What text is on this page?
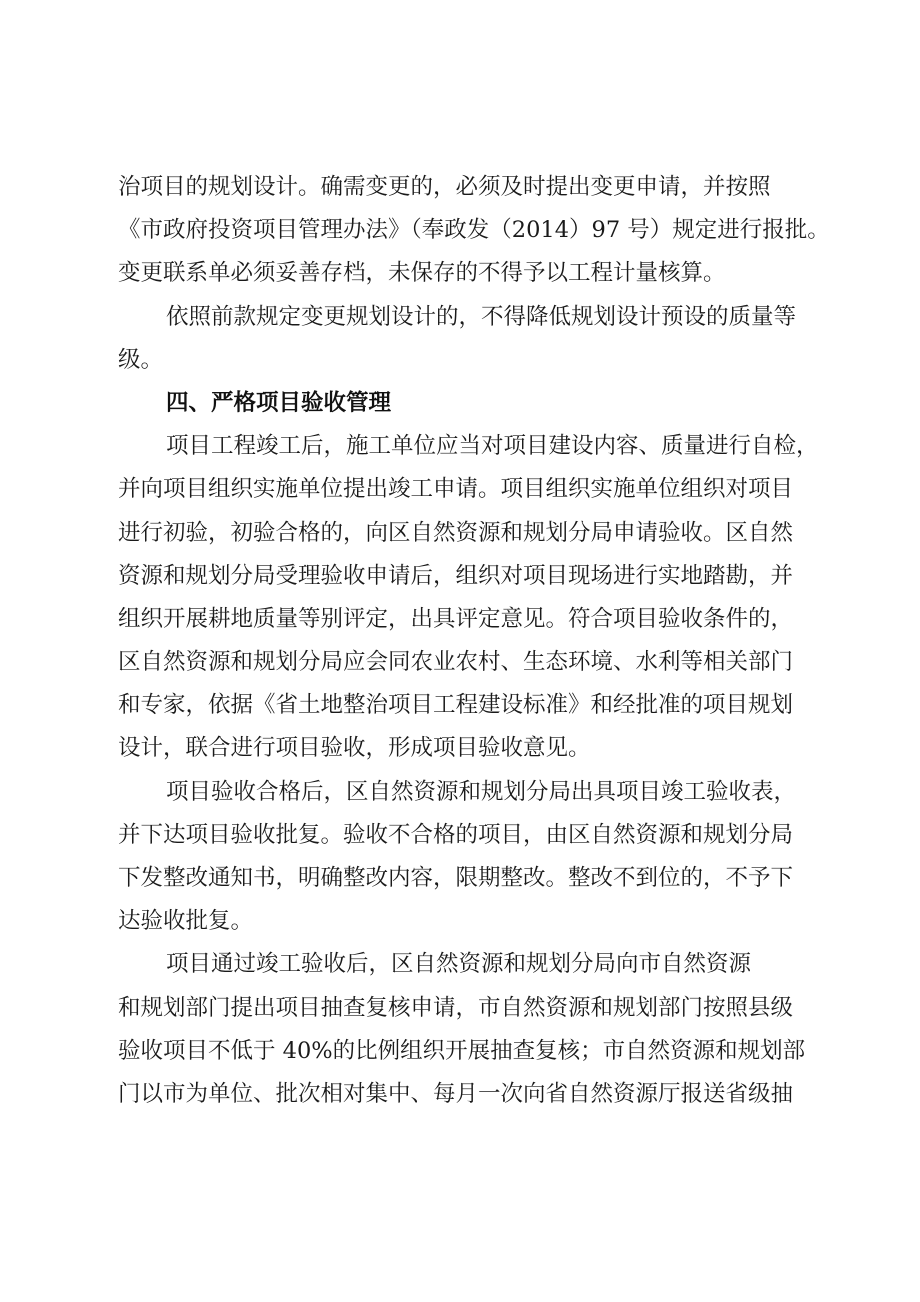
治项目的规划设计。确需变更的，必须及时提出变更申请，并按照
《市政府投资项目管理办法》（奉政发（2014）97 号）规定进行报批。
变更联系单必须妥善存档，未保存的不得予以工程计量核算。
依照前款规定变更规划设计的，不得降低规划设计预设的质量等
级。
四、严格项目验收管理
项目工程竣工后，施工单位应当对项目建设内容、质量进行自检，
并向项目组织实施单位提出竣工申请。项目组织实施单位组织对项目
进行初验，初验合格的，向区自然资源和规划分局申请验收。区自然
资源和规划分局受理验收申请后，组织对项目现场进行实地踏勘，并
组织开展耕地质量等别评定，出具评定意见。符合项目验收条件的，
区自然资源和规划分局应会同农业农村、生态环境、水利等相关部门
和专家，依据《省土地整治项目工程建设标准》和经批准的项目规划
设计，联合进行项目验收，形成项目验收意见。
项目验收合格后，区自然资源和规划分局出具项目竣工验收表，
并下达项目验收批复。验收不合格的项目，由区自然资源和规划分局
下发整改通知书，明确整改内容，限期整改。整改不到位的，不予下
达验收批复。
项目通过竣工验收后，区自然资源和规划分局向市自然资源
和规划部门提出项目抽查复核申请，市自然资源和规划部门按照县级
验收项目不低于 40%的比例组织开展抽查复核；市自然资源和规划部
门以市为单位、批次相对集中、每月一次向省自然资源厅报送省级抽
